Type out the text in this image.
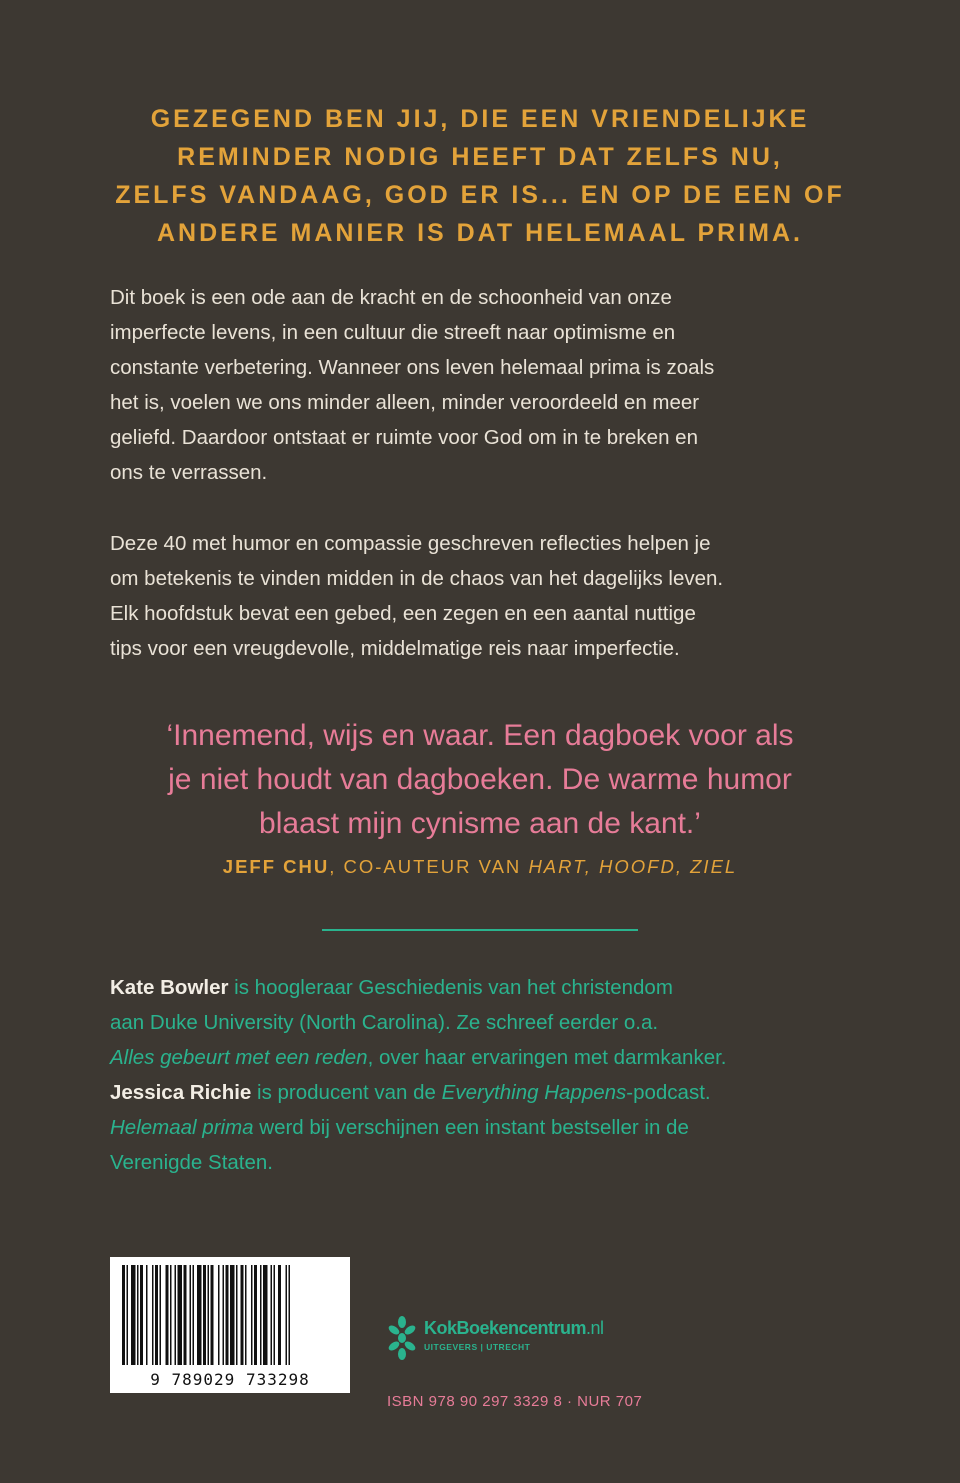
GEZEGEND BEN JIJ, DIE EEN VRIENDELIJKE
REMINDER NODIG HEEFT DAT ZELFS NU,
ZELFS VANDAAG, GOD ER IS... EN OP DE EEN OF
ANDERE MANIER IS DAT HELEMAAL PRIMA.
Dit boek is een ode aan de kracht en de schoonheid van onze
imperfecte levens, in een cultuur die streeft naar optimisme en
constante verbetering. Wanneer ons leven helemaal prima is zoals
het is, voelen we ons minder alleen, minder veroordeeld en meer
geliefd. Daardoor ontstaat er ruimte voor God om in te breken en
ons te verrassen.
Deze 40 met humor en compassie geschreven reflecties helpen je
om betekenis te vinden midden in de chaos van het dagelijks leven.
Elk hoofdstuk bevat een gebed, een zegen en een aantal nuttige
tips voor een vreugdevolle, middelmatige reis naar imperfectie.
‘Innemend, wijs en waar. Een dagboek voor als
je niet houdt van dagboeken. De warme humor
blaast mijn cynisme aan de kant.’
JEFF CHU, CO-AUTEUR VAN HART, HOOFD, ZIEL
Kate Bowler is hoogleraar Geschiedenis van het christendom
aan Duke University (North Carolina). Ze schreef eerder o.a.
Alles gebeurt met een reden, over haar ervaringen met darmkanker.
Jessica Richie is producent van de Everything Happens-podcast.
Helemaal prima werd bij verschijnen een instant bestseller in de
Verenigde Staten.
9 789029 733298
KokBoekencentrum.nl
UITGEVERS | UTRECHT
ISBN 978 90 297 3329 8 · NUR 707
